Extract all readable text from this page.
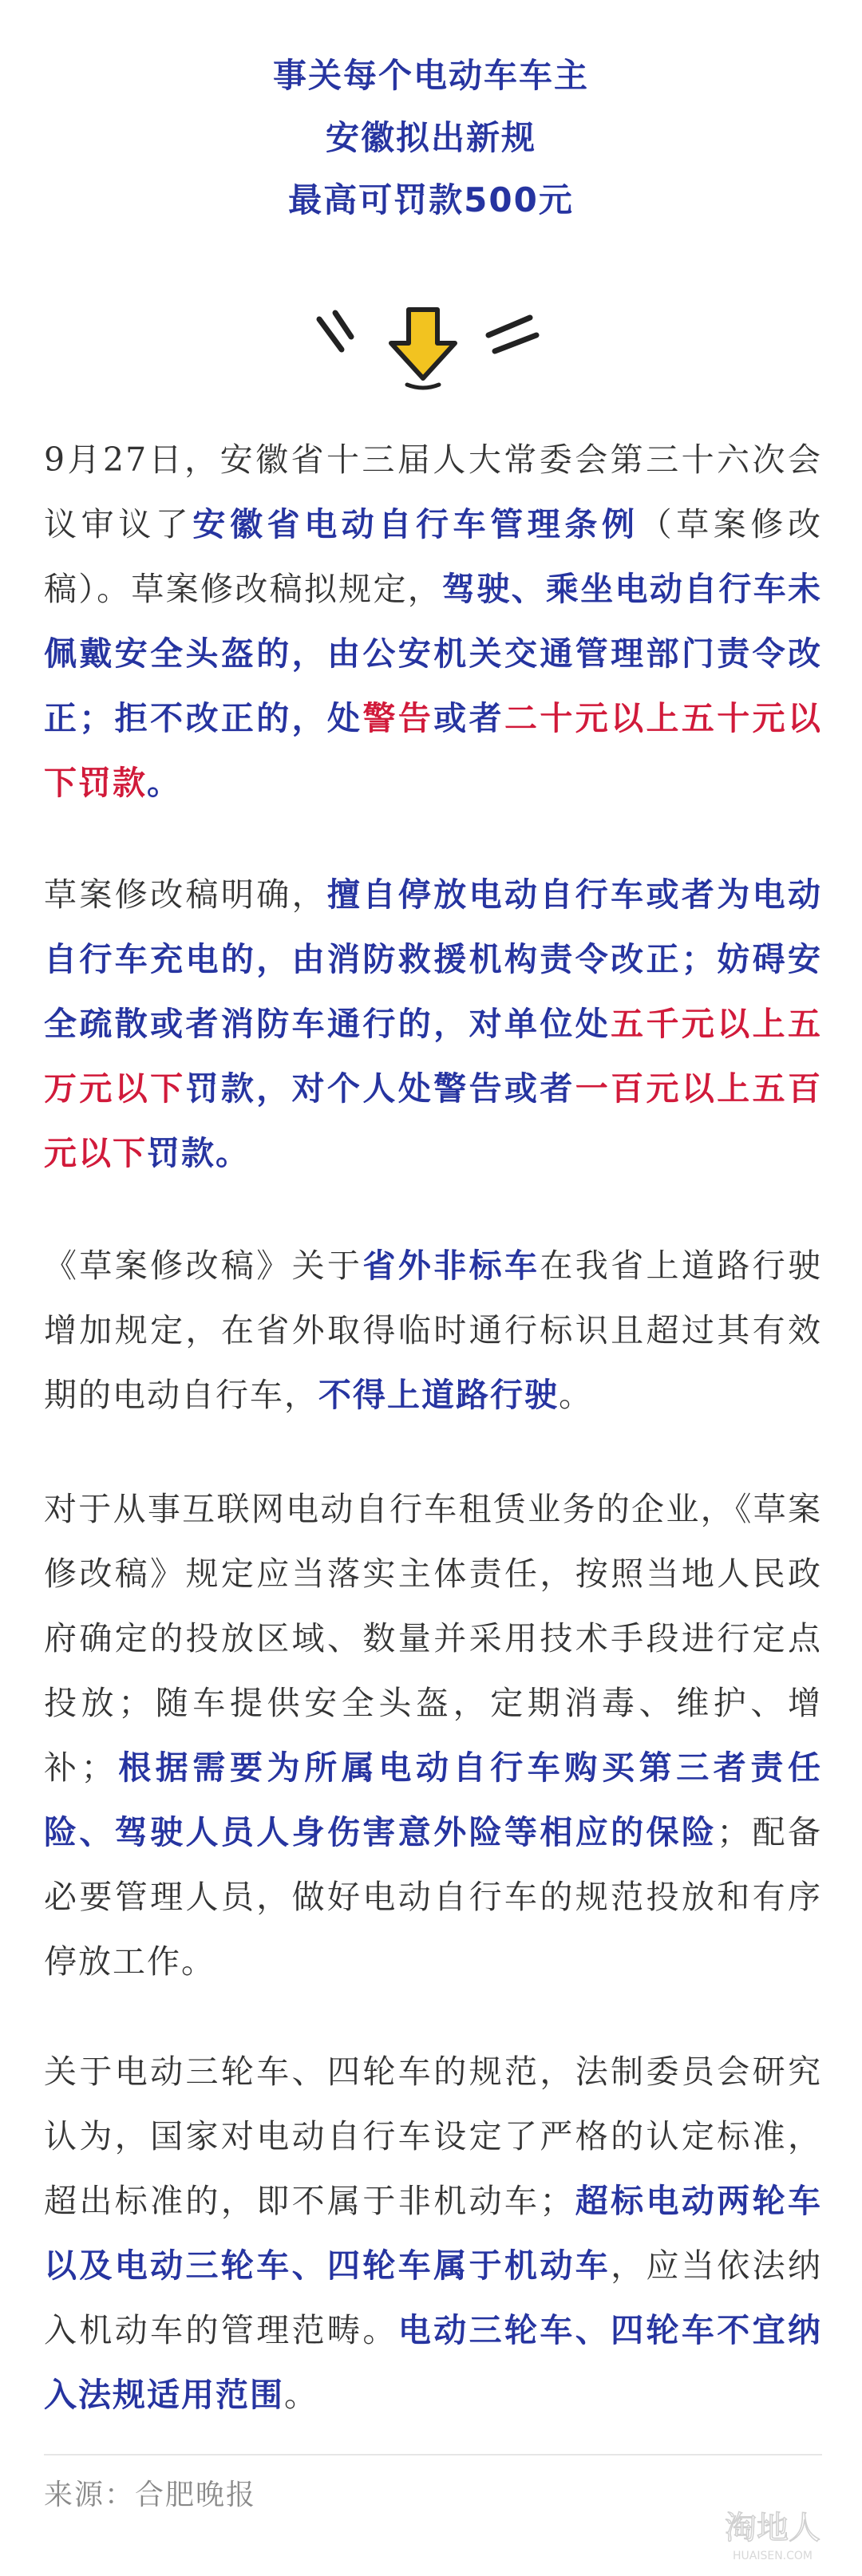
事关每个电动车车主
安徽拟出新规
最高可罚款500元

9月27日，安徽省十三届人大常委会第三十六次会议审议了安徽省电动自行车管理条例（草案修改稿）。草案修改稿拟规定，驾驶、乘坐电动自行车未佩戴安全头盔的，由公安机关交通管理部门责令改正；拒不改正的，处警告或者二十元以上五十元以下罚款。

草案修改稿明确，擅自停放电动自行车或者为电动自行车充电的，由消防救援机构责令改正；妨碍安全疏散或者消防车通行的，对单位处五千元以上五万元以下罚款，对个人处警告或者一百元以上五百元以下罚款。

《草案修改稿》关于省外非标车在我省上道路行驶增加规定，在省外取得临时通行标识且超过其有效期的电动自行车，不得上道路行驶。

对于从事互联网电动自行车租赁业务的企业，《草案修改稿》规定应当落实主体责任，按照当地人民政府确定的投放区域、数量并采用技术手段进行定点投放；随车提供安全头盔，定期消毒、维护、增补；根据需要为所属电动自行车购买第三者责任险、驾驶人员人身伤害意外险等相应的保险；配备必要管理人员，做好电动自行车的规范投放和有序停放工作。

关于电动三轮车、四轮车的规范，法制委员会研究认为，国家对电动自行车设定了严格的认定标准，超出标准的，即不属于非机动车；超标电动两轮车以及电动三轮车、四轮车属于机动车，应当依法纳入机动车的管理范畴。电动三轮车、四轮车不宜纳入法规适用范围。

来源：合肥晚报
淘地人
HUAISEN.COM
